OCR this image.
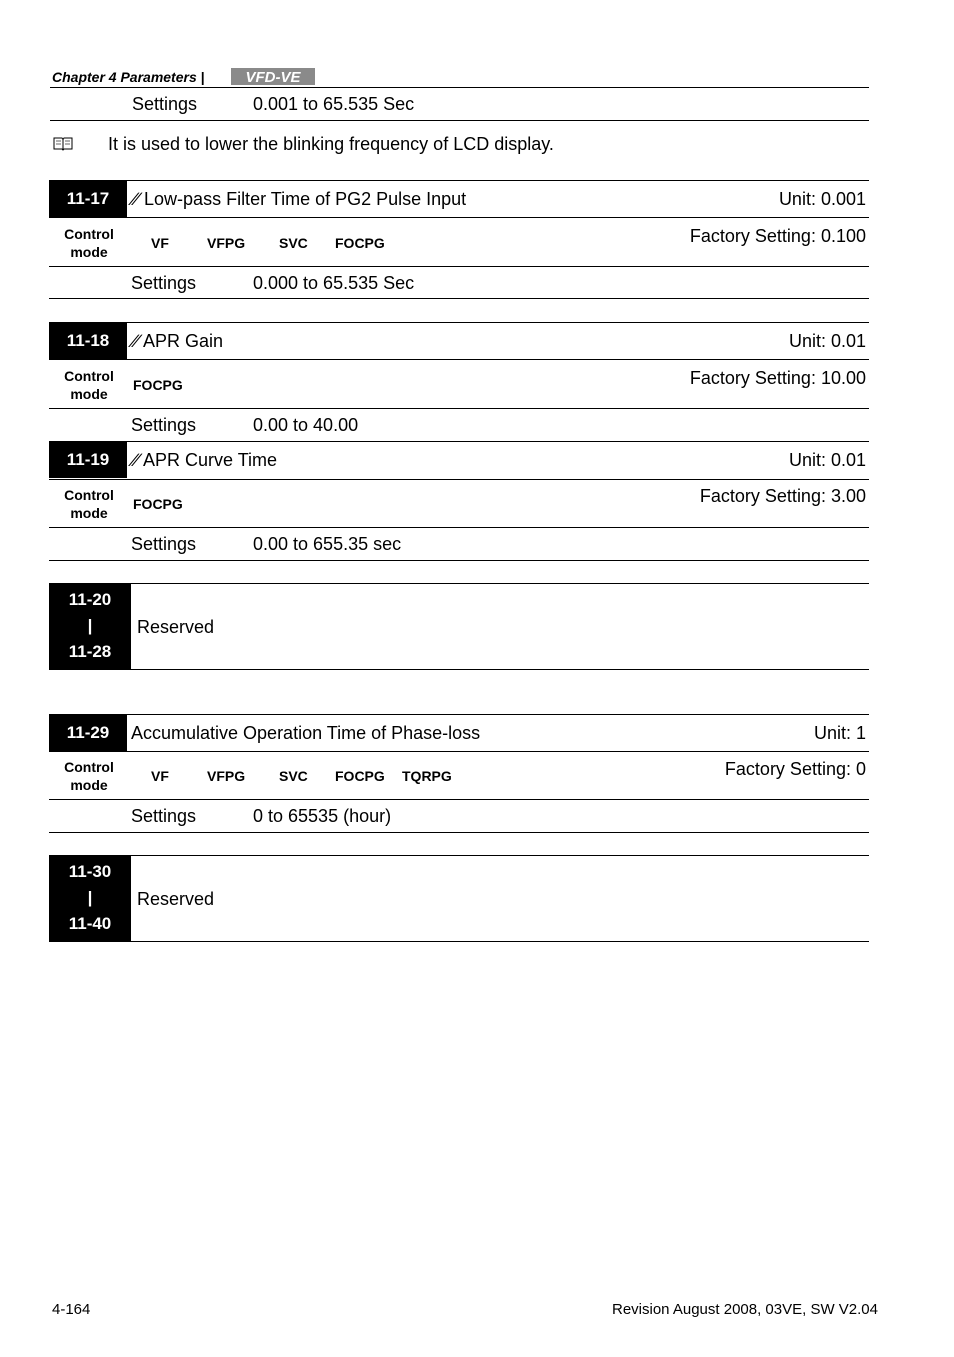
Chapter 4 Parameters |	VFD-VE
Settings	0.001 to 65.535 Sec
It is used to lower the blinking frequency of LCD display.
11-17	∕∕ Low-pass Filter Time of PG2 Pulse Input	Unit: 0.001
Control
mode
VF	VFPG SVC FOCPG	Factory Setting: 0.100
Settings	0.000 to 65.535 Sec
11-18	∕∕ APR Gain	Unit: 0.01
Control
mode
FOCPG	Factory Setting: 10.00
Settings	0.00 to 40.00
11-19	∕∕ APR Curve Time	Unit: 0.01
Control
mode
FOCPG	Factory Setting: 3.00
Settings	0.00 to 655.35 sec
11-20
|
11-28
Reserved
11-29	Accumulative Operation Time of Phase-loss	Unit: 1
Control
mode
VF	VFPG SVC FOCPG TQRPG	Factory Setting: 0
Settings	0 to 65535 (hour)
11-30
|
11-40
Reserved
4-164	Revision August 2008, 03VE, SW V2.04
